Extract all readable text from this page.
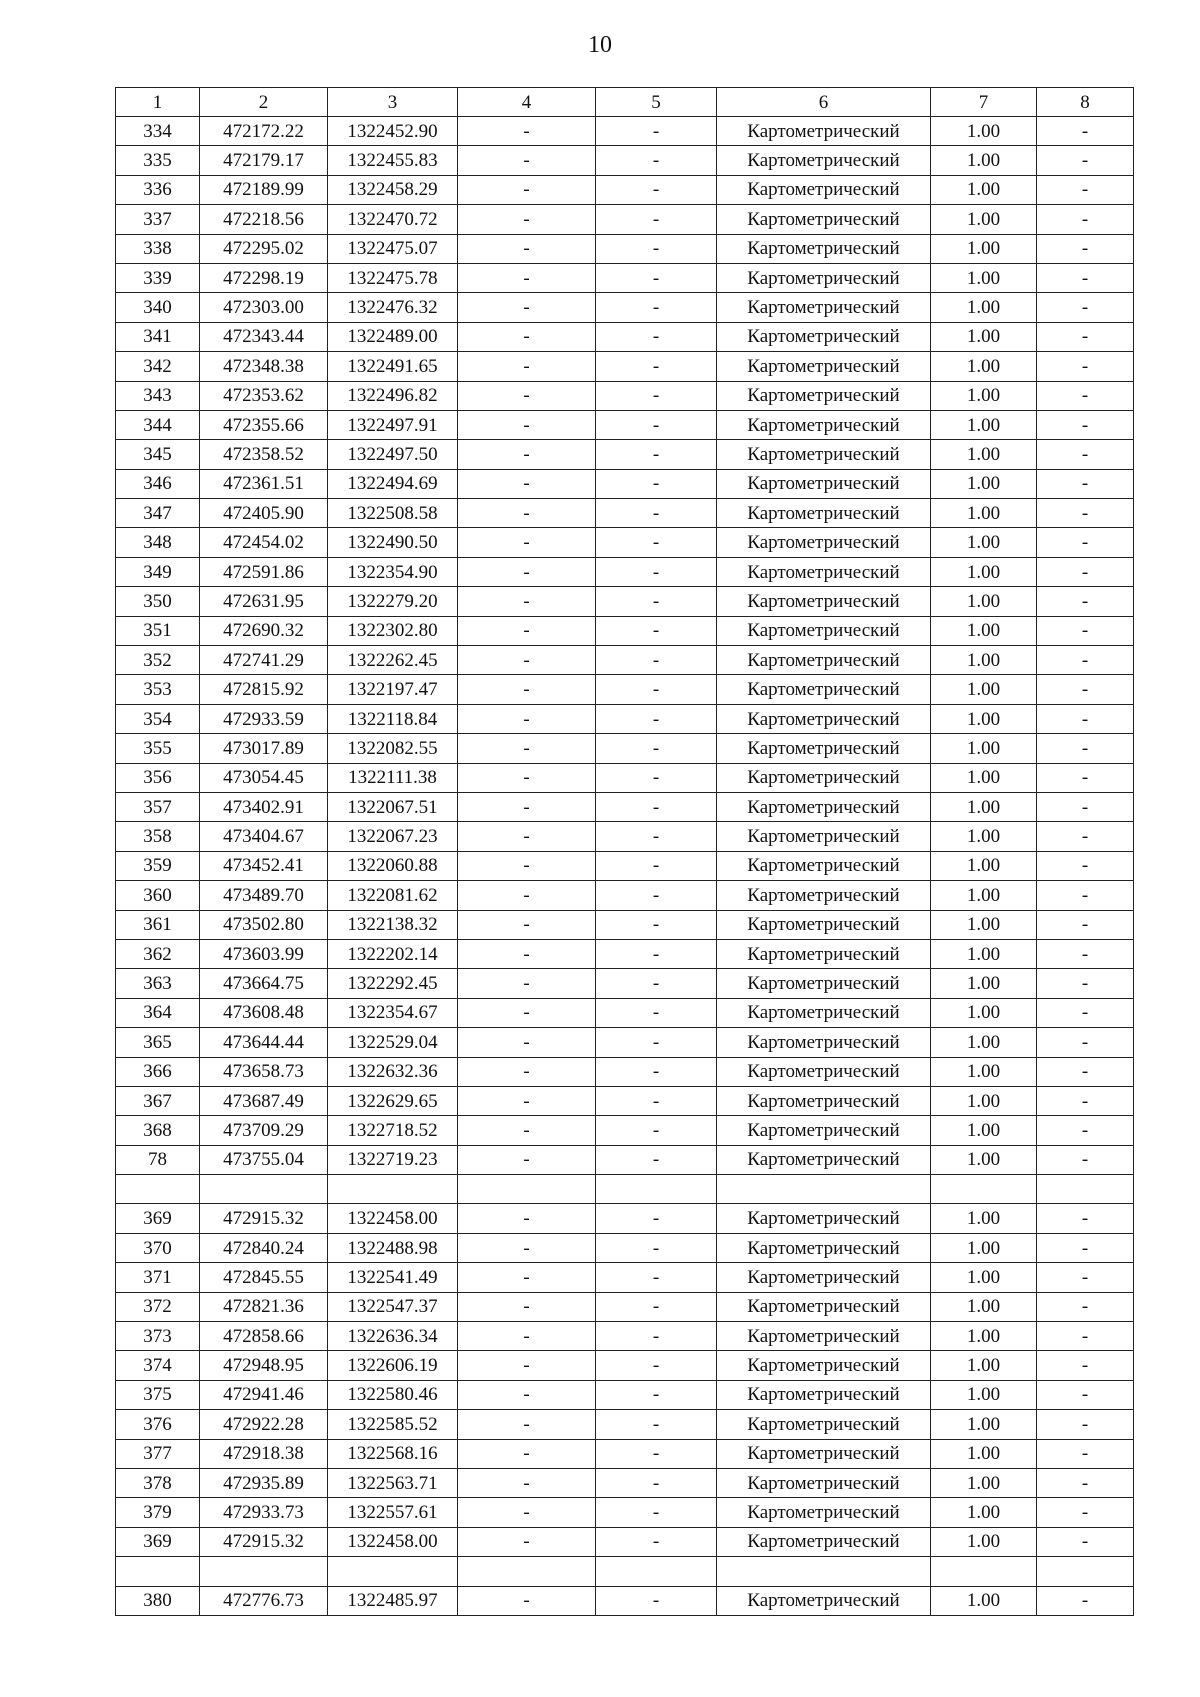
10
1	2	3	4	5	6	7	8
334	472172.22	1322452.90	-	-	Картометрический	1.00	-
335	472179.17	1322455.83	-	-	Картометрический	1.00	-
336	472189.99	1322458.29	-	-	Картометрический	1.00	-
337	472218.56	1322470.72	-	-	Картометрический	1.00	-
338	472295.02	1322475.07	-	-	Картометрический	1.00	-
339	472298.19	1322475.78	-	-	Картометрический	1.00	-
340	472303.00	1322476.32	-	-	Картометрический	1.00	-
341	472343.44	1322489.00	-	-	Картометрический	1.00	-
342	472348.38	1322491.65	-	-	Картометрический	1.00	-
343	472353.62	1322496.82	-	-	Картометрический	1.00	-
344	472355.66	1322497.91	-	-	Картометрический	1.00	-
345	472358.52	1322497.50	-	-	Картометрический	1.00	-
346	472361.51	1322494.69	-	-	Картометрический	1.00	-
347	472405.90	1322508.58	-	-	Картометрический	1.00	-
348	472454.02	1322490.50	-	-	Картометрический	1.00	-
349	472591.86	1322354.90	-	-	Картометрический	1.00	-
350	472631.95	1322279.20	-	-	Картометрический	1.00	-
351	472690.32	1322302.80	-	-	Картометрический	1.00	-
352	472741.29	1322262.45	-	-	Картометрический	1.00	-
353	472815.92	1322197.47	-	-	Картометрический	1.00	-
354	472933.59	1322118.84	-	-	Картометрический	1.00	-
355	473017.89	1322082.55	-	-	Картометрический	1.00	-
356	473054.45	1322111.38	-	-	Картометрический	1.00	-
357	473402.91	1322067.51	-	-	Картометрический	1.00	-
358	473404.67	1322067.23	-	-	Картометрический	1.00	-
359	473452.41	1322060.88	-	-	Картометрический	1.00	-
360	473489.70	1322081.62	-	-	Картометрический	1.00	-
361	473502.80	1322138.32	-	-	Картометрический	1.00	-
362	473603.99	1322202.14	-	-	Картометрический	1.00	-
363	473664.75	1322292.45	-	-	Картометрический	1.00	-
364	473608.48	1322354.67	-	-	Картометрический	1.00	-
365	473644.44	1322529.04	-	-	Картометрический	1.00	-
366	473658.73	1322632.36	-	-	Картометрический	1.00	-
367	473687.49	1322629.65	-	-	Картометрический	1.00	-
368	473709.29	1322718.52	-	-	Картометрический	1.00	-
78	473755.04	1322719.23	-	-	Картометрический	1.00	-

369	472915.32	1322458.00	-	-	Картометрический	1.00	-
370	472840.24	1322488.98	-	-	Картометрический	1.00	-
371	472845.55	1322541.49	-	-	Картометрический	1.00	-
372	472821.36	1322547.37	-	-	Картометрический	1.00	-
373	472858.66	1322636.34	-	-	Картометрический	1.00	-
374	472948.95	1322606.19	-	-	Картометрический	1.00	-
375	472941.46	1322580.46	-	-	Картометрический	1.00	-
376	472922.28	1322585.52	-	-	Картометрический	1.00	-
377	472918.38	1322568.16	-	-	Картометрический	1.00	-
378	472935.89	1322563.71	-	-	Картометрический	1.00	-
379	472933.73	1322557.61	-	-	Картометрический	1.00	-
369	472915.32	1322458.00	-	-	Картометрический	1.00	-

380	472776.73	1322485.97	-	-	Картометрический	1.00	-
